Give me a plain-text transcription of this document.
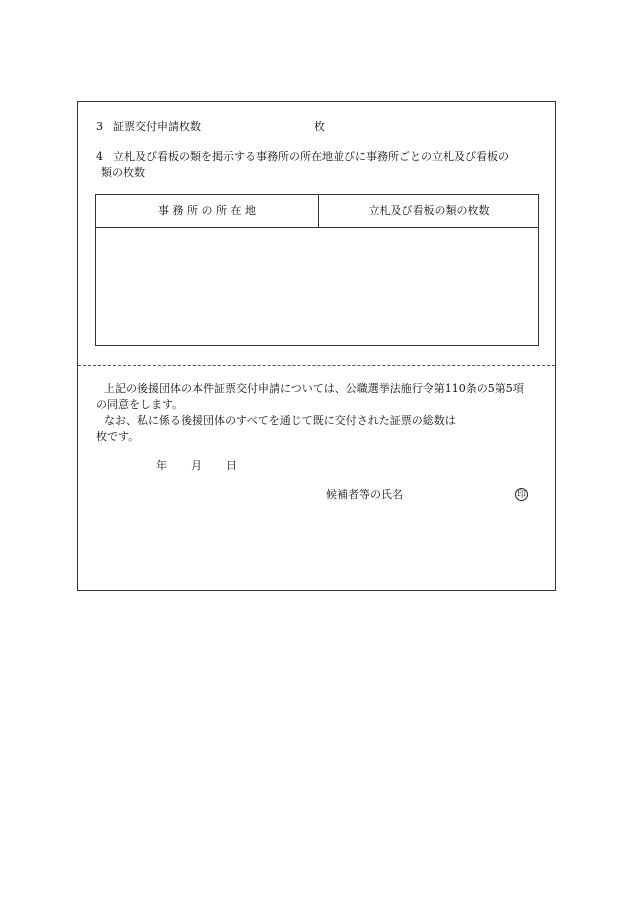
3 証票交付申請枚数	枚
4 立札及び看板の類を掲示する事務所の所在地並びに事務所ごとの立札及び看板の
類の枚数
事 務 所 の 所 在 地	立札及び看板の類の枚数
上記の後援団体の本件証票交付申請については、公職選挙法施行令第110条の5第5項
の同意をします。
なお、私に係る後援団体のすべてを通じて既に交付された証票の総数は
枚です。
年 月 日
候補者等の氏名	印
